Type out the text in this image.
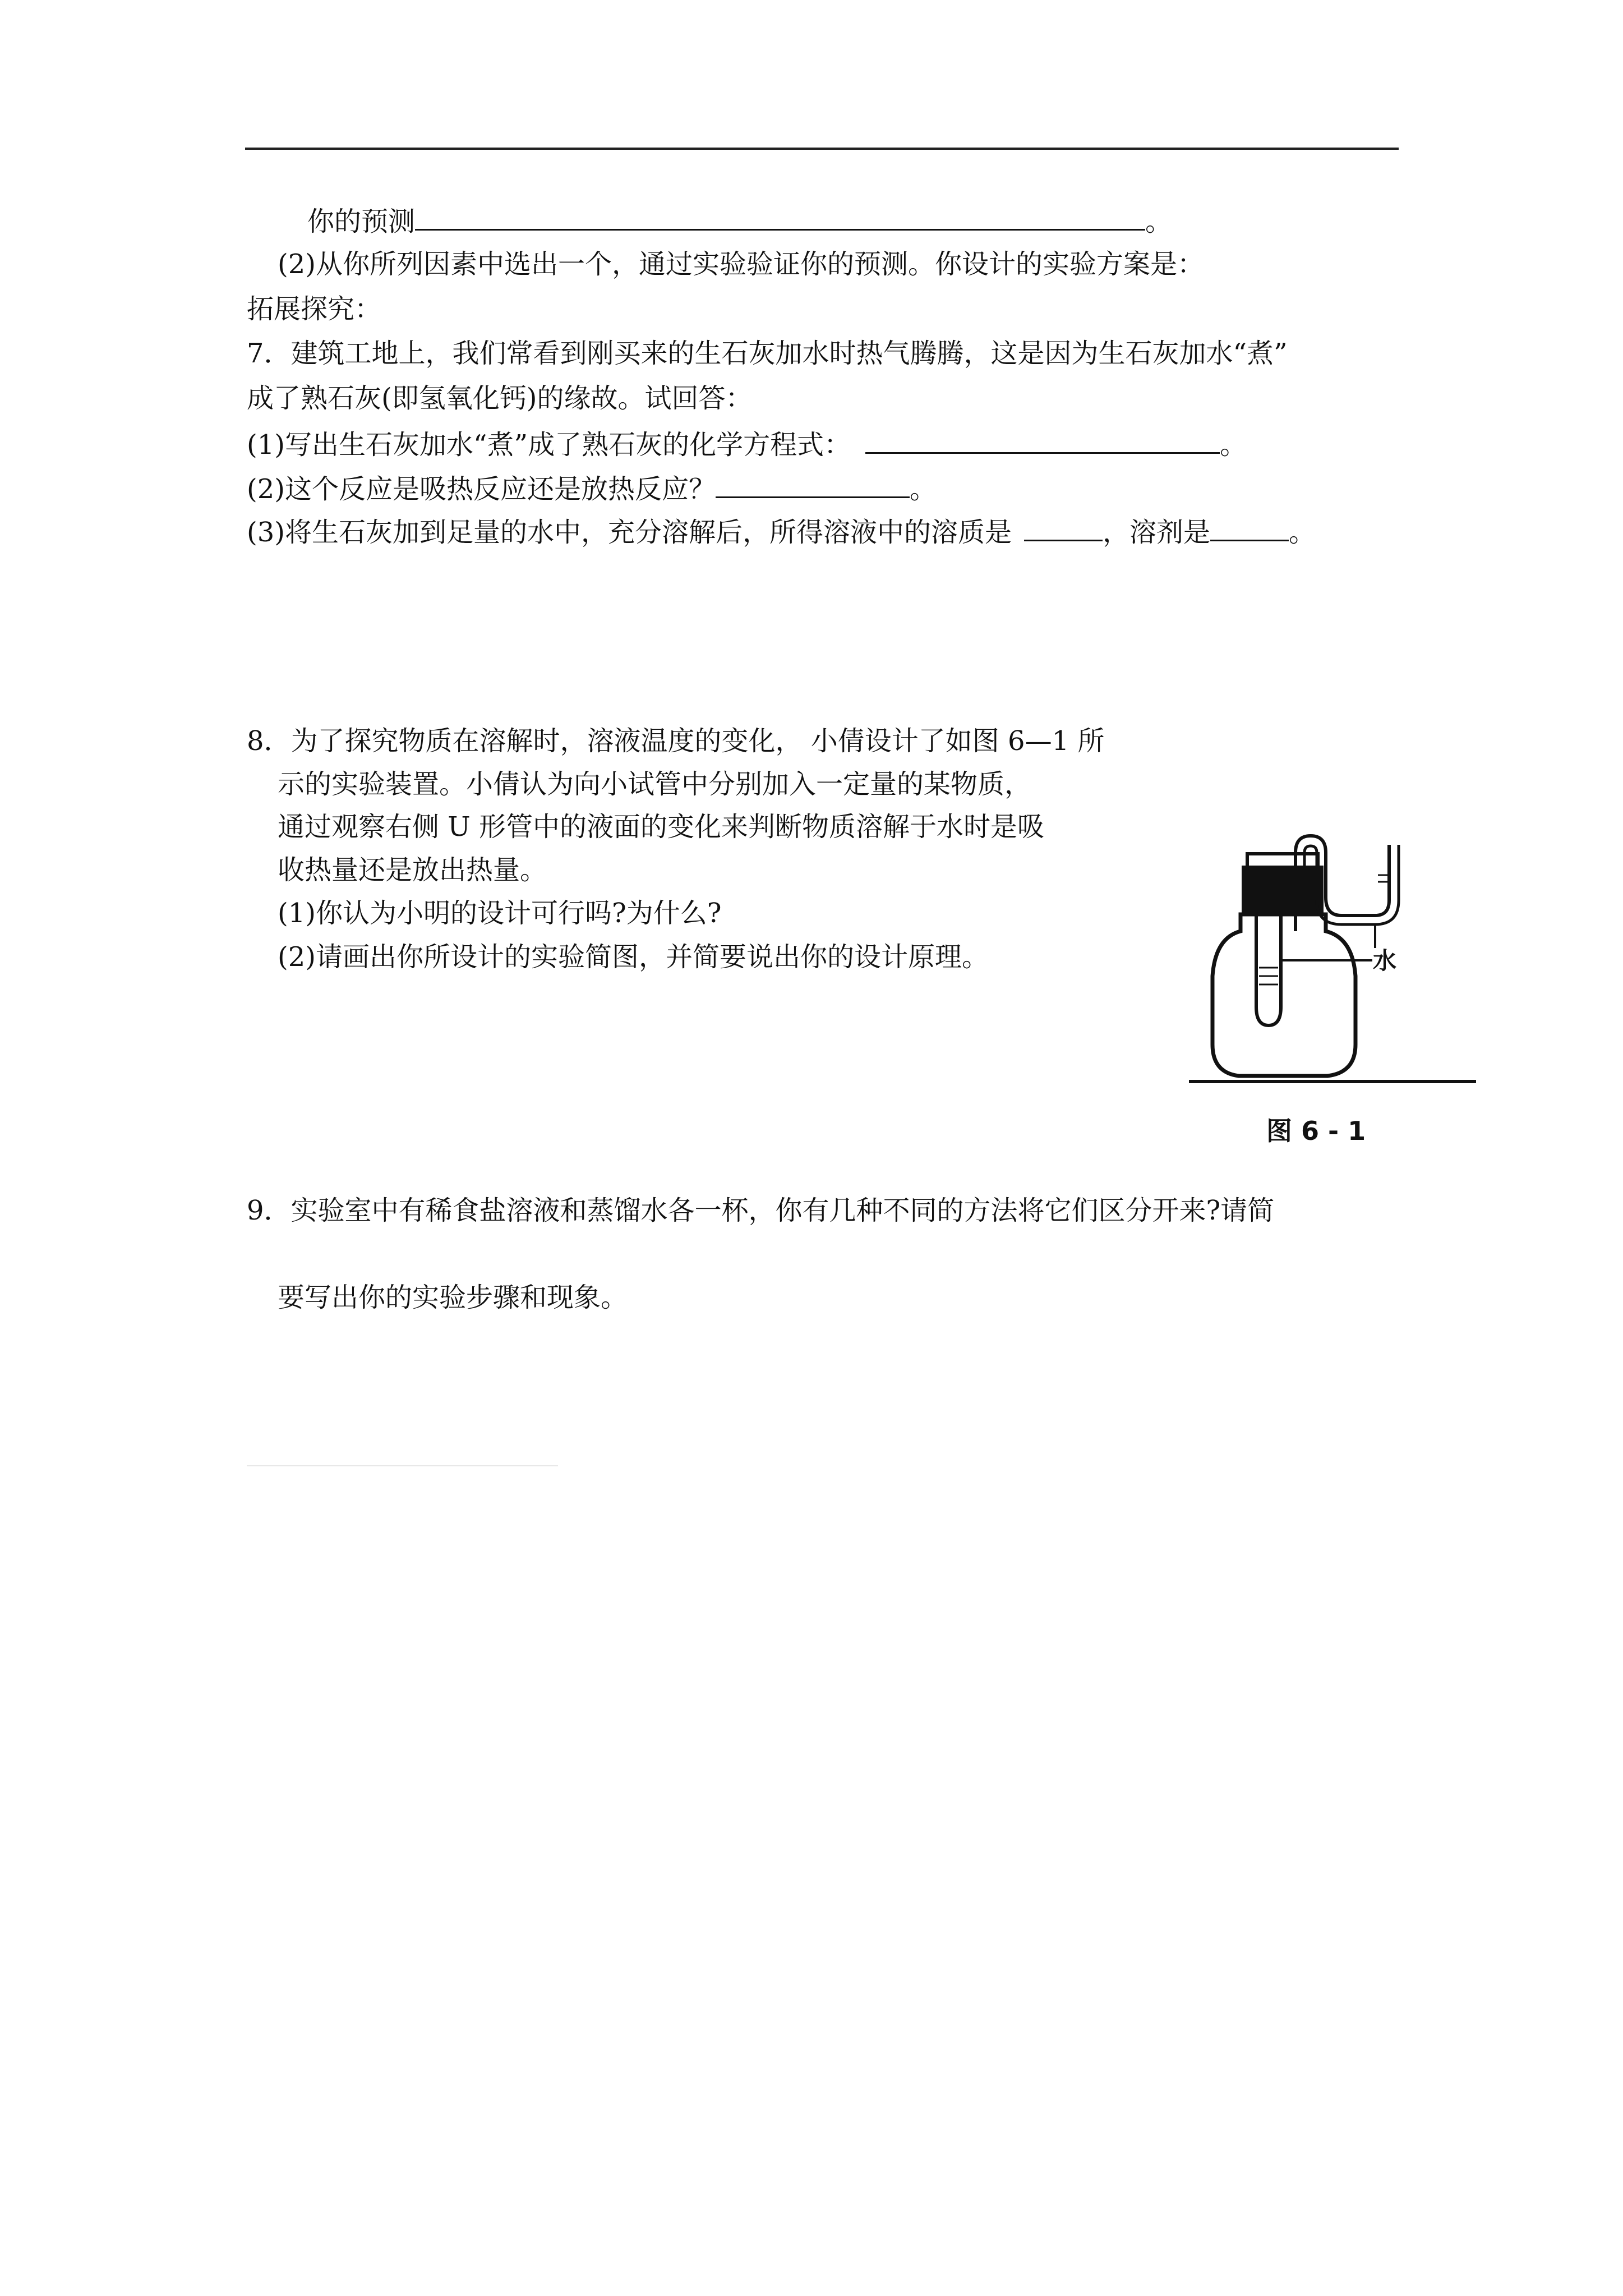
你的预测	。
(2)从你所列因素中选出一个，通过实验验证你的预测。你设计的实验方案是：
拓展探究：
7．建筑工地上，我们常看到刚买来的生石灰加水时热气腾腾，这是因为生石灰加水“煮”
成了熟石灰(即氢氧化钙)的缘故。试回答：
(1)写出生石灰加水“煮”成了熟石灰的化学方程式：	。
(2)这个反应是吸热反应还是放热反应？	。
(3)将生石灰加到足量的水中，充分溶解后，所得溶液中的溶质是	，溶剂是	。
8．为了探究物质在溶解时，溶液温度的变化， 小倩设计了如图 6—1 所
示的实验装置。小倩认为向小试管中分别加入一定量的某物质，
通过观察右侧 U 形管中的液面的变化来判断物质溶解于水时是吸
收热量还是放出热量。
(1)你认为小明的设计可行吗?为什么?
(2)请画出你所设计的实验简图，并简要说出你的设计原理。	水
图 6 - 1
9．实验室中有稀食盐溶液和蒸馏水各一杯，你有几种不同的方法将它们区分开来?请简
要写出你的实验步骤和现象。
